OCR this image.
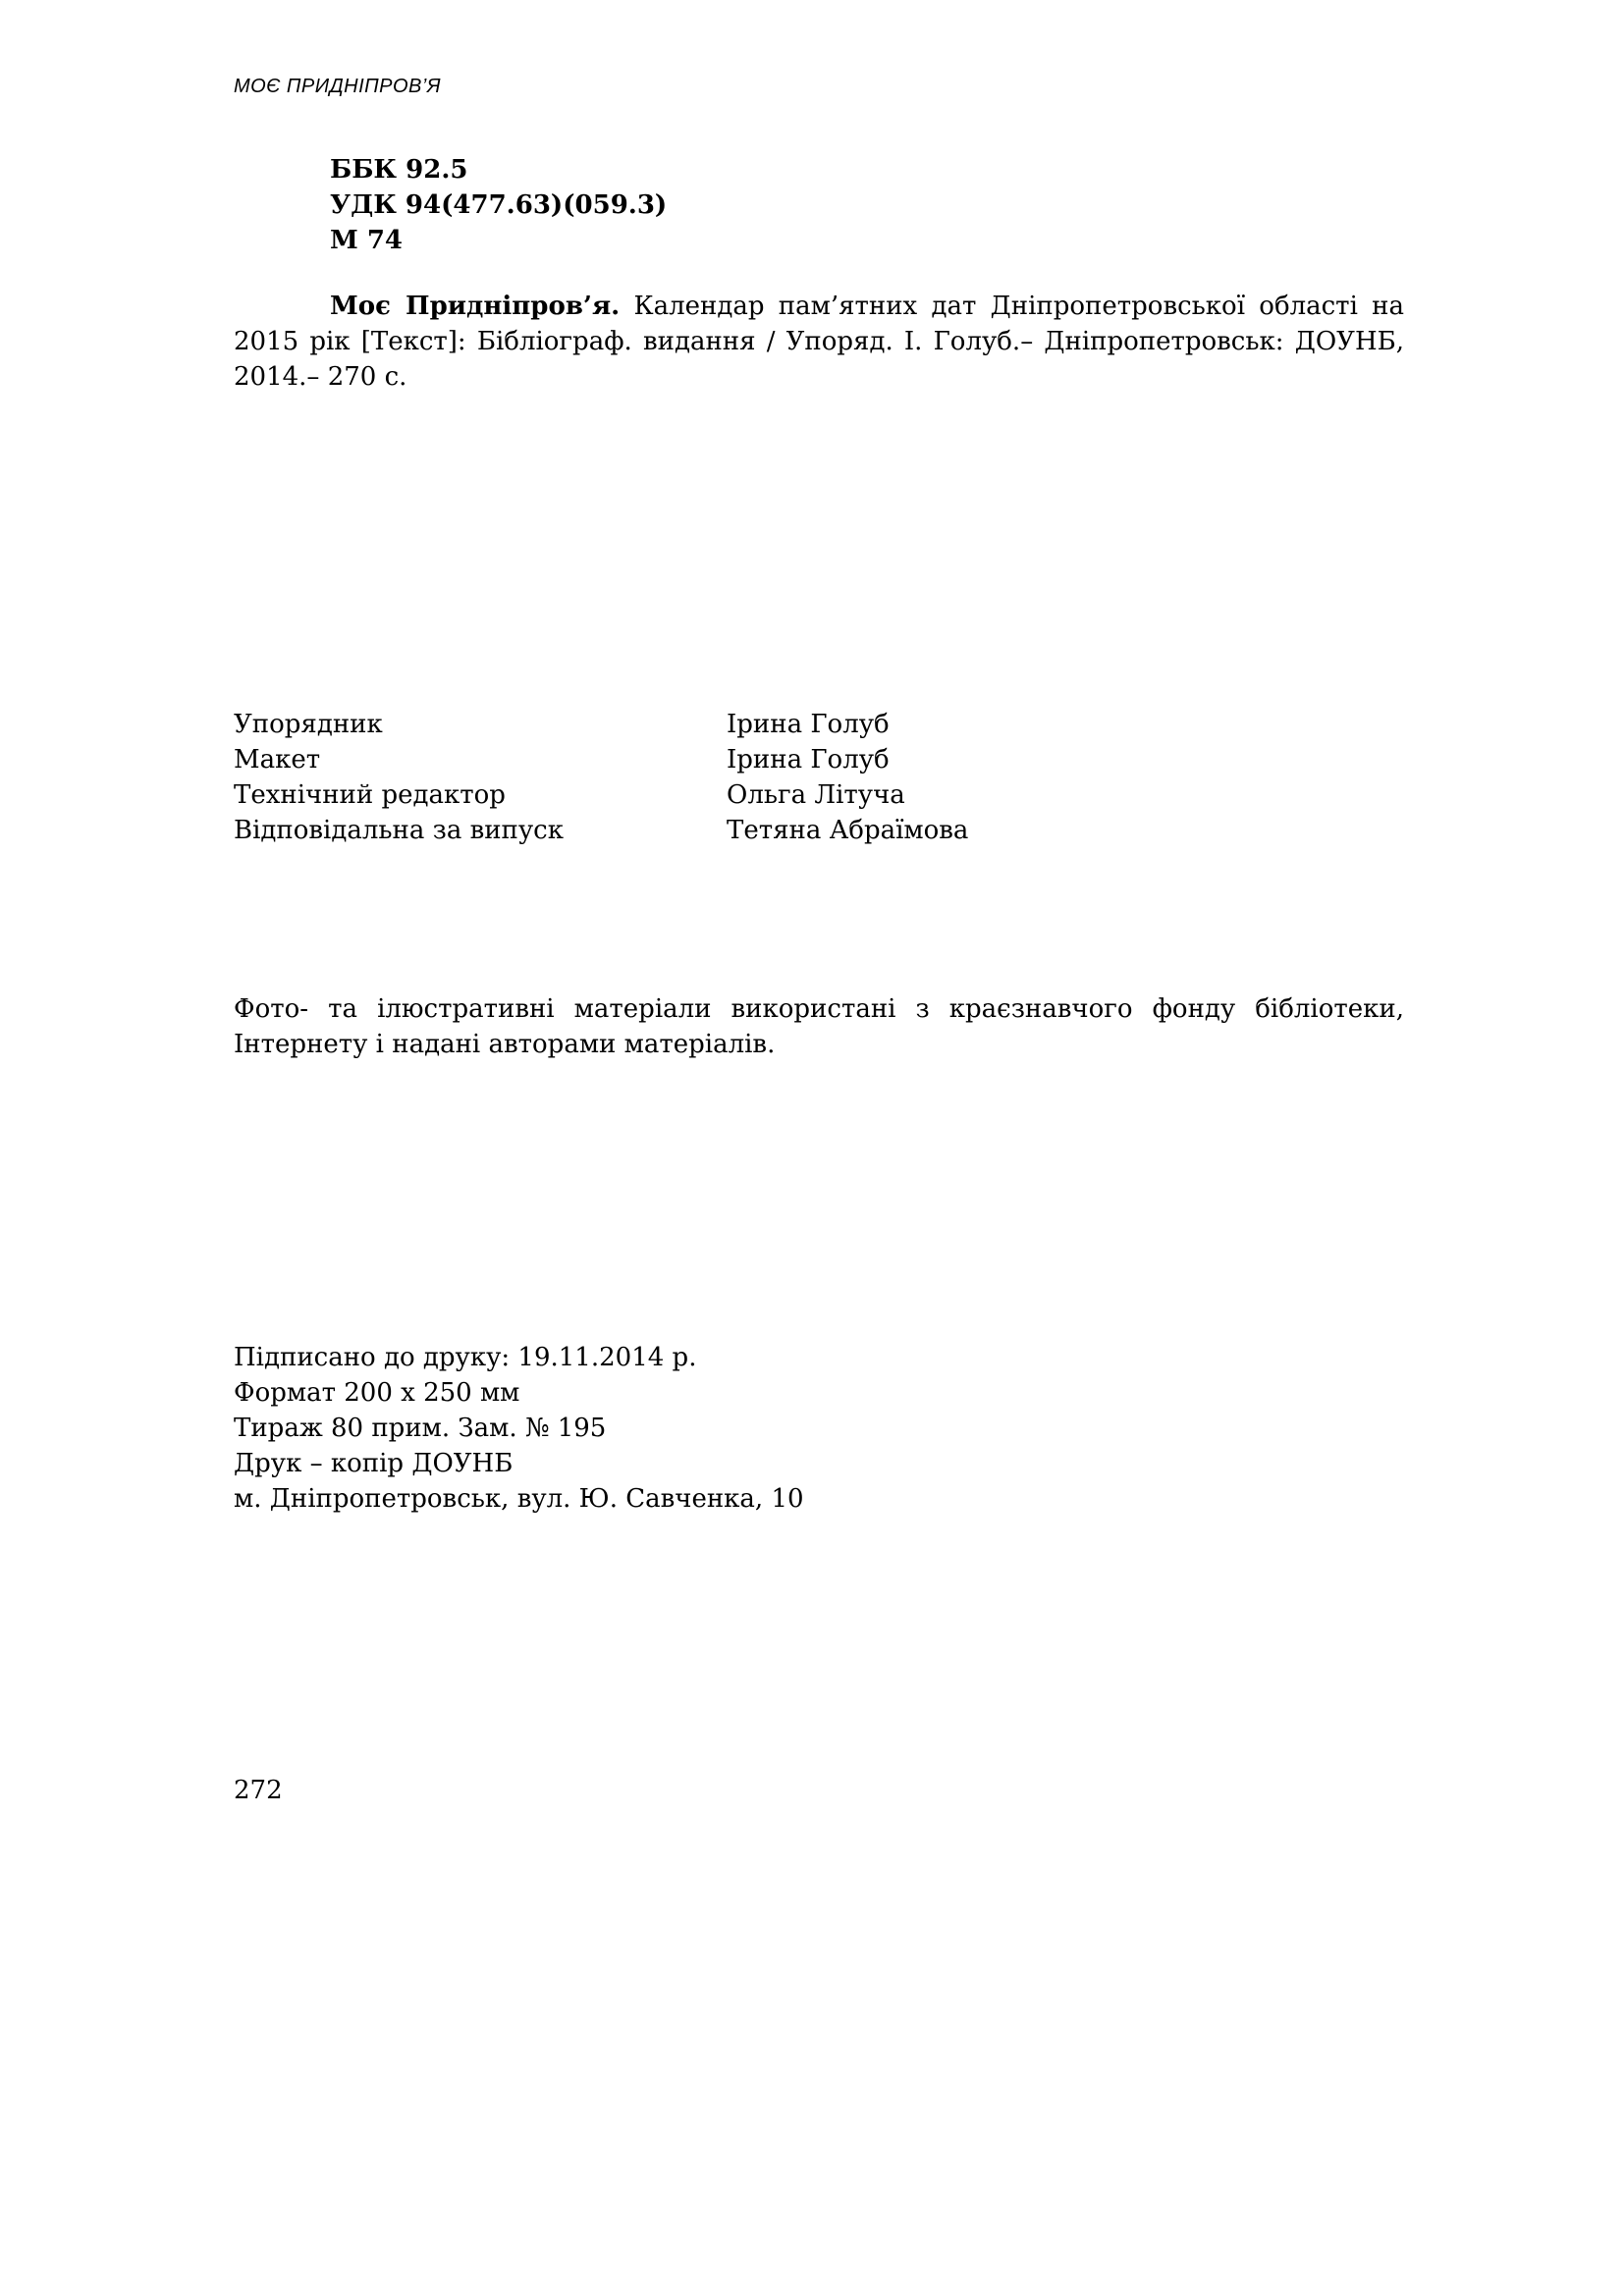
МОЄ ПРИДНІПРОВ’Я
ББК 92.5
УДК 94(477.63)(059.3)
М 74
Моє Придніпров’я. Календар пам’ятних дат Дніпропетровської області на 2015 рік [Текст]: Бібліограф. видання / Упоряд. І. Голуб.– Дніпропетровськ: ДОУНБ, 2014.– 270 с.
Упорядник	Ірина Голуб
Макет	Ірина Голуб
Технічний редактор	Ольга Літуча
Відповідальна за випуск	Тетяна Абраїмова
Фото- та ілюстративні матеріали використані з краєзнавчого фонду бібліотеки, Інтернету і надані авторами матеріалів.
Підписано до друку: 19.11.2014 р.
Формат 200 х 250 мм
Тираж 80 прим. Зам. № 195
Друк – копір ДОУНБ
м. Дніпропетровськ, вул. Ю. Савченка, 10
272
